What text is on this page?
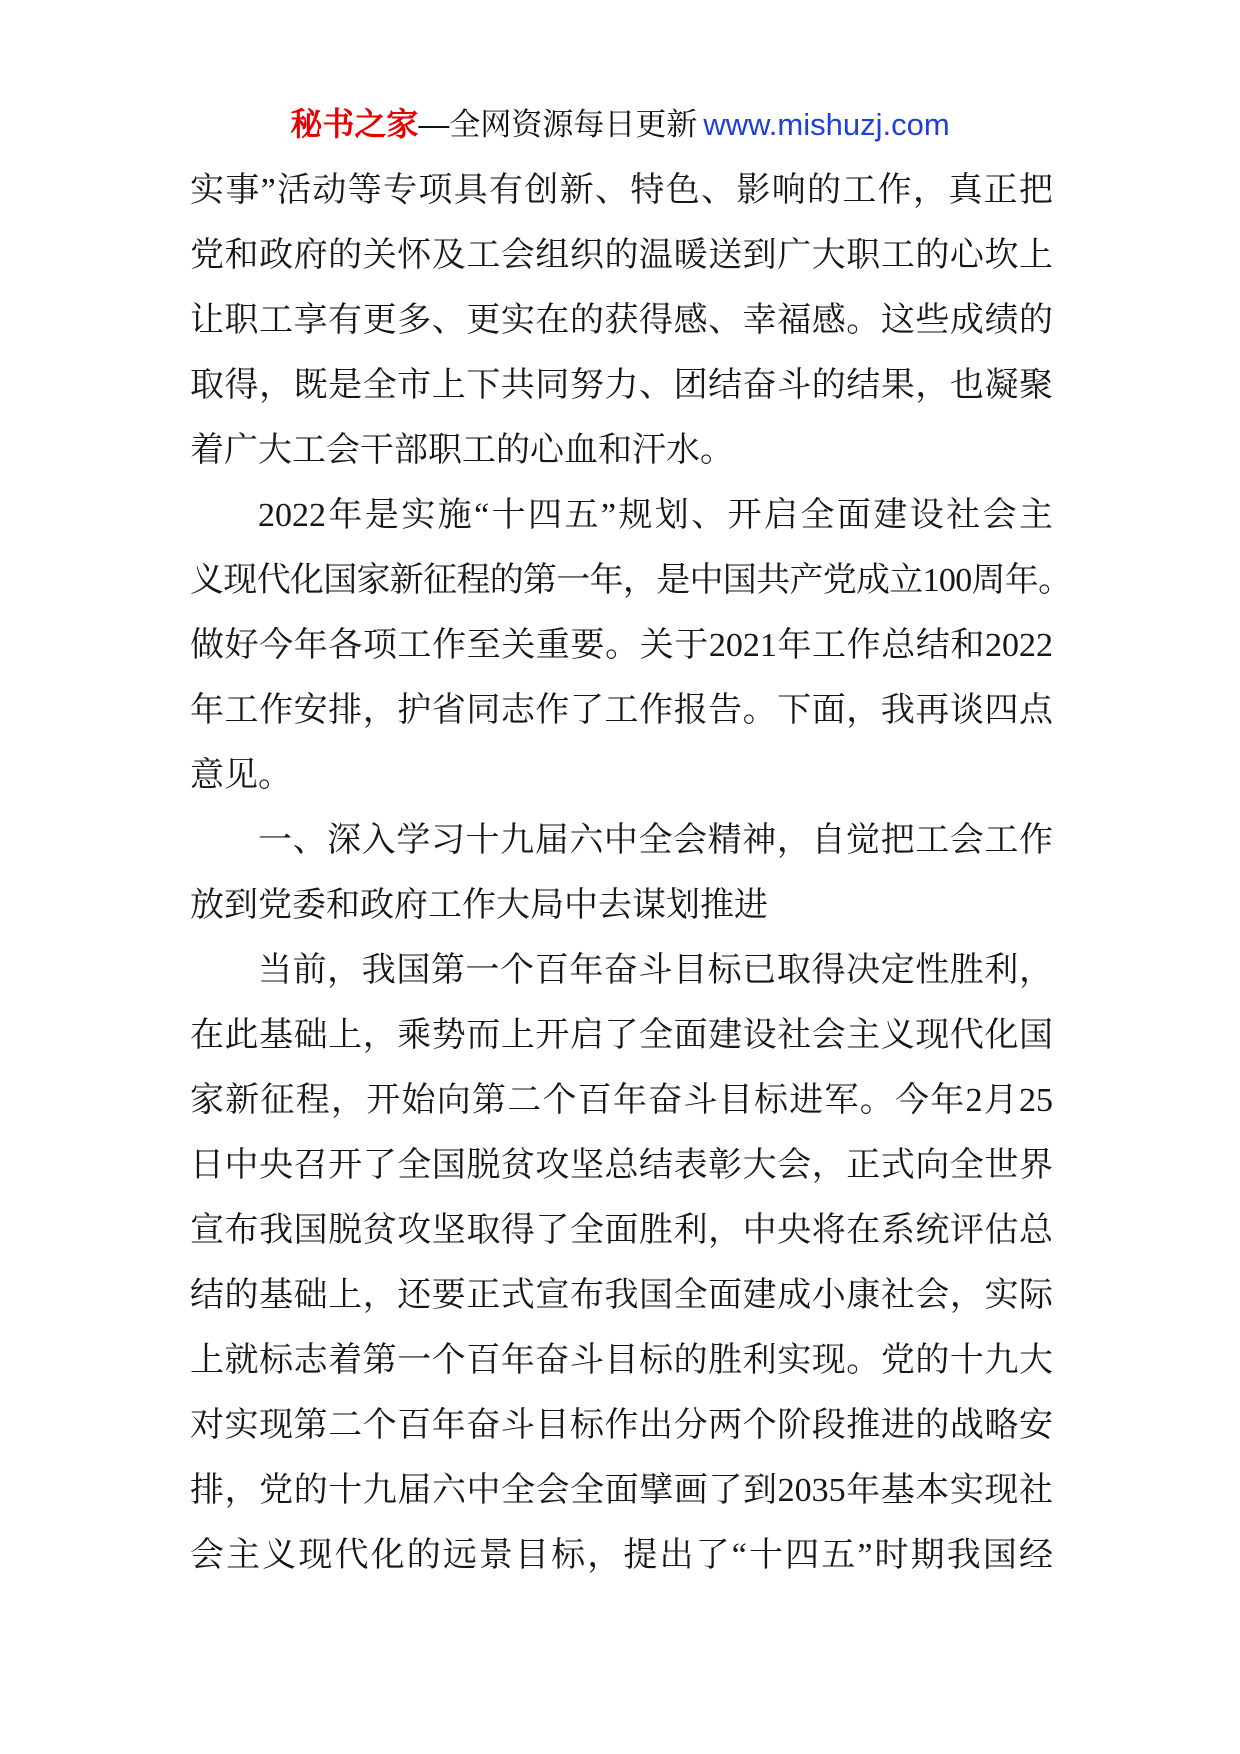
秘书之家—全网资源每日更新 www.mishuzj.com
实事”活动等专项具有创新、特色、影响的工作，真正把
党和政府的关怀及工会组织的温暖送到广大职工的心坎上
让职工享有更多、更实在的获得感、幸福感。这些成绩的
取得，既是全市上下共同努力、团结奋斗的结果，也凝聚
着广大工会干部职工的心血和汗水。
2022年是实施“十四五”规划、开启全面建设社会主
义现代化国家新征程的第一年，是中国共产党成立100周年。
做好今年各项工作至关重要。关于2021年工作总结和2022
年工作安排，护省同志作了工作报告。下面，我再谈四点
意见。
一、深入学习十九届六中全会精神，自觉把工会工作
放到党委和政府工作大局中去谋划推进
当前，我国第一个百年奋斗目标已取得决定性胜利，
在此基础上，乘势而上开启了全面建设社会主义现代化国
家新征程，开始向第二个百年奋斗目标进军。今年2月25
日中央召开了全国脱贫攻坚总结表彰大会，正式向全世界
宣布我国脱贫攻坚取得了全面胜利，中央将在系统评估总
结的基础上，还要正式宣布我国全面建成小康社会，实际
上就标志着第一个百年奋斗目标的胜利实现。党的十九大
对实现第二个百年奋斗目标作出分两个阶段推进的战略安
排，党的十九届六中全会全面擘画了到2035年基本实现社
会主义现代化的远景目标，提出了“十四五”时期我国经
